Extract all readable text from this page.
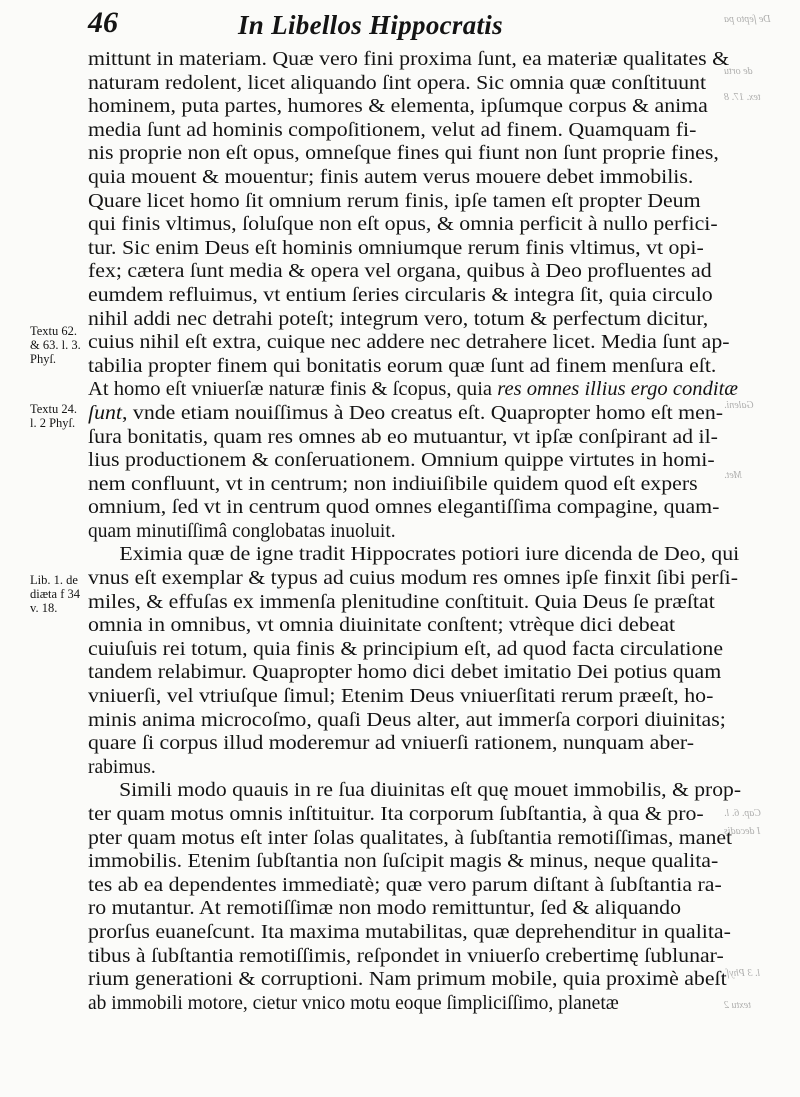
46	In Libellos Hippocratis	De ſepto pa
de ortu
tex. 17. 8
Galeni.
Met.
Cap. 6. l.
I decadis
l. 3 Phyſ.
textu 2
Textu 62.
& 63. l. 3.
Phyſ.
Textu 24.
l. 2 Phyſ.
Lib. 1. de
diæta f 34
v. 18.
mittunt in materiam. Quæ vero fini proxima ſunt, ea materiæ qualitates &
naturam redolent, licet aliquando ſint opera. Sic omnia quæ conſtituunt
hominem, puta partes, humores & elementa, ipſumque corpus & anima
media ſunt ad hominis compoſitionem, velut ad finem. Quamquam fi-
nis proprie non eſt opus, omneſque fines qui fiunt non ſunt proprie fines,
quia mouent & mouentur; finis autem verus mouere debet immobilis.
Quare licet homo ſit omnium rerum finis, ipſe tamen eſt propter Deum
qui finis vltimus, ſoluſque non eſt opus, & omnia perficit à nullo perfici-
tur. Sic enim Deus eſt hominis omniumque rerum finis vltimus, vt opi-
fex; cætera ſunt media & opera vel organa, quibus à Deo profluentes ad
eumdem refluimus, vt entium ſeries circularis & integra ſit, quia circulo
nihil addi nec detrahi poteſt; integrum vero, totum & perfectum dicitur,
cuius nihil eſt extra, cuique nec addere nec detrahere licet. Media ſunt ap-
tabilia propter finem qui bonitatis eorum quæ ſunt ad finem menſura eſt.
At homo eſt vniuerſæ naturæ finis & ſcopus, quia res omnes illius ergo conditæ
ſunt, vnde etiam nouiſſimus à Deo creatus eſt. Quapropter homo eſt men-
ſura bonitatis, quam res omnes ab eo mutuantur, vt ipſæ conſpirant ad il-
lius productionem & conſeruationem. Omnium quippe virtutes in homi-
nem confluunt, vt in centrum; non indiuiſibile quidem quod eſt expers
omnium, ſed vt in centrum quod omnes elegantiſſima compagine, quam-
quam minutiſſimâ conglobatas inuoluit.
Eximia quæ de igne tradit Hippocrates potiori iure dicenda de Deo, qui
vnus eſt exemplar & typus ad cuius modum res omnes ipſe finxit ſibi perſi-
miles, & effuſas ex immenſa plenitudine conſtituit. Quia Deus ſe præſtat
omnia in omnibus, vt omnia diuinitate conſtent; vtrèque dici debeat
cuiuſuis rei totum, quia finis & principium eſt, ad quod facta circulatione
tandem relabimur. Quapropter homo dici debet imitatio Dei potius quam
vniuerſi, vel vtriuſque ſimul; Etenim Deus vniuerſitati rerum præeſt, ho-
minis anima microcoſmo, quaſi Deus alter, aut immerſa corpori diuinitas;
quare ſi corpus illud moderemur ad vniuerſi rationem, nunquam aber-
rabimus.
Simili modo quauis in re ſua diuinitas eſt quę mouet immobilis, & prop-
ter quam motus omnis inſtituitur. Ita corporum ſubſtantia, à qua & pro-
pter quam motus eſt inter ſolas qualitates, à ſubſtantia remotiſſimas, manet
immobilis. Etenim ſubſtantia non ſuſcipit magis & minus, neque qualita-
tes ab ea dependentes immediatè; quæ vero parum diſtant à ſubſtantia ra-
ro mutantur. At remotiſſimæ non modo remittuntur, ſed & aliquando
prorſus euaneſcunt. Ita maxima mutabilitas, quæ deprehenditur in qualita-
tibus à ſubſtantia remotiſſimis, reſpondet in vniuerſo crebertimę ſublunar-
rium generationi & corruptioni. Nam primum mobile, quia proximè abeſt
ab immobili motore, cietur vnico motu eoque ſimpliciſſimo, planetæ
